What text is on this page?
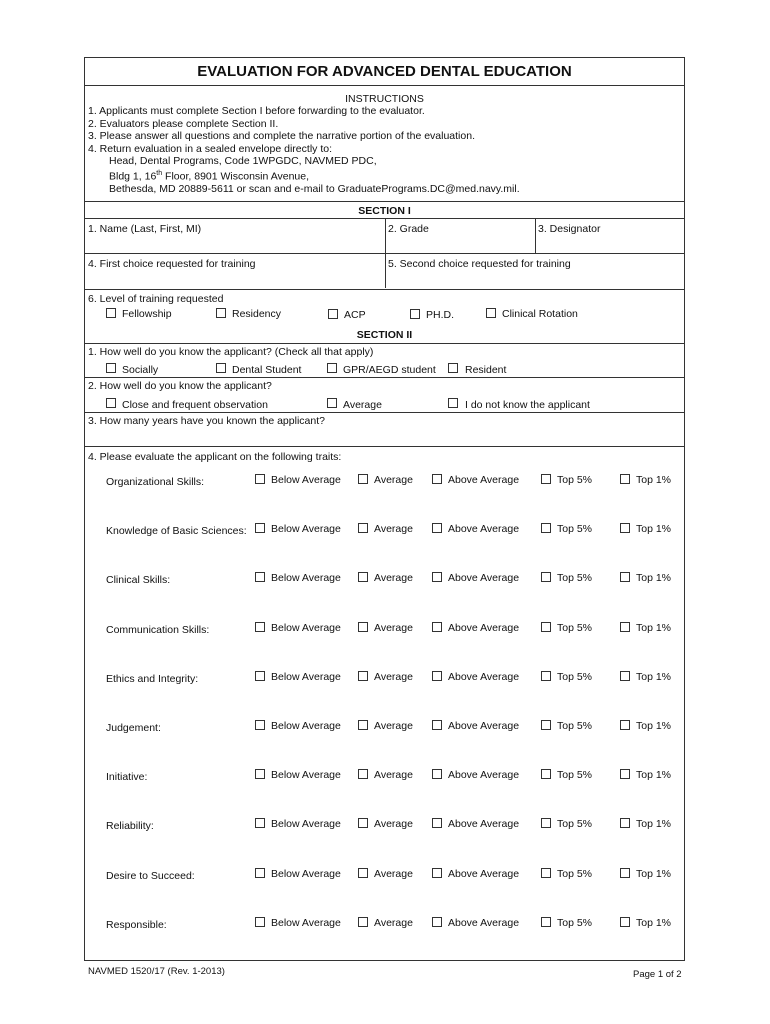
EVALUATION FOR ADVANCED DENTAL EDUCATION
INSTRUCTIONS
1. Applicants must complete Section I before forwarding to the evaluator.
2. Evaluators please complete Section II.
3. Please answer all questions and complete the narrative portion of the evaluation.
4. Return evaluation in a sealed envelope directly to:
Head, Dental Programs, Code 1WPGDC, NAVMED PDC,
Bldg 1, 16th Floor, 8901 Wisconsin Avenue,
Bethesda, MD 20889-5611 or scan and e-mail to GraduatePrograms.DC@med.navy.mil.
SECTION I
1. Name (Last, First, MI)	2. Grade	3. Designator
4. First choice requested for training	5. Second choice requested for training
6. Level of training requested
Fellowship	Residency	ACP	PH.D.	Clinical Rotation
SECTION II
1. How well do you know the applicant? (Check all that apply)
Socially	Dental Student	GPR/AEGD student	Resident
2. How well do you know the applicant?
Close and frequent observation	Average	I do not know the applicant
3. How many years have you known the applicant?
4. Please evaluate the applicant on the following traits:
Organizational Skills:	Below Average	Average	Above Average	Top 5%	Top 1%
Knowledge of Basic Sciences: Below Average	Average	Above Average	Top 5%	Top 1%
Clinical Skills:	Below Average	Average	Above Average	Top 5%	Top 1%
Communication Skills:	Below Average	Average	Above Average	Top 5%	Top 1%
Ethics and Integrity:	Below Average	Average	Above Average	Top 5%	Top 1%
Judgement:	Below Average	Average	Above Average	Top 5%	Top 1%
Initiative:	Below Average	Average	Above Average	Top 5%	Top 1%
Reliability:	Below Average	Average	Above Average	Top 5%	Top 1%
Desire to Succeed:	Below Average	Average	Above Average	Top 5%	Top 1%
Responsible:	Below Average	Average	Above Average	Top 5%	Top 1%
NAVMED 1520/17 (Rev. 1-2013)	Page 1 of 2
